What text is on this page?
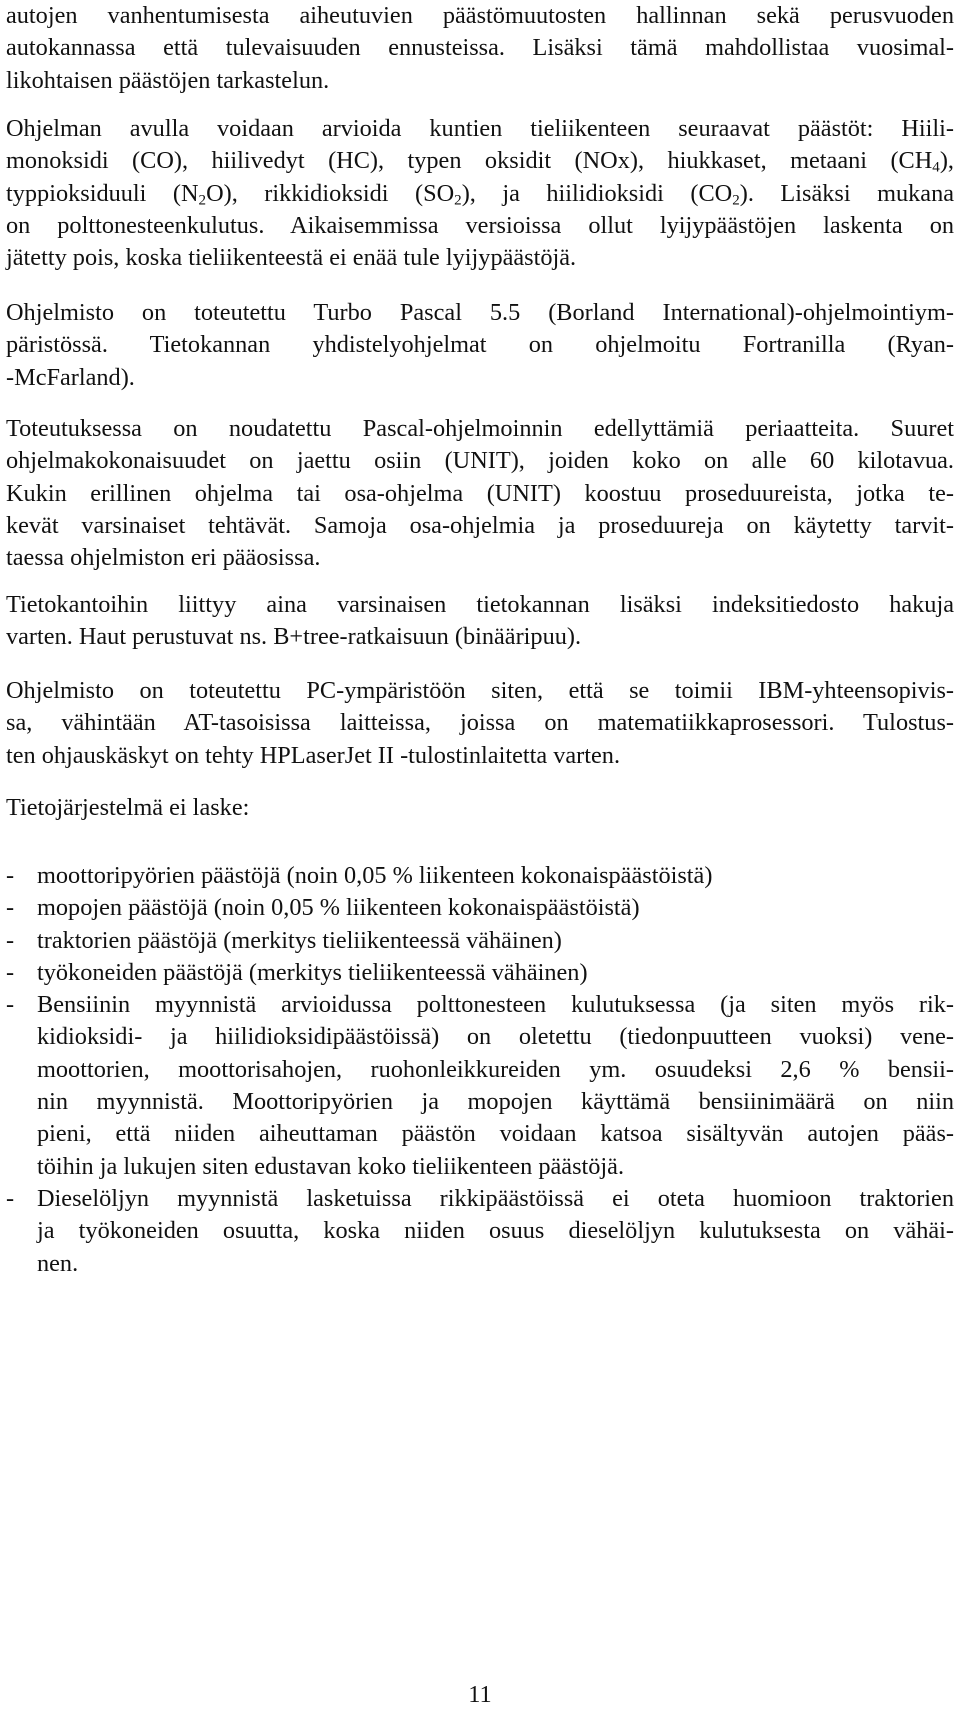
autojen vanhentumisesta aiheutuvien päästömuutosten hallinnan sekä perusvuoden
autokannassa että tulevaisuuden ennusteissa. Lisäksi tämä mahdollistaa vuosimal-
likohtaisen päästöjen tarkastelun.

Ohjelman avulla voidaan arvioida kuntien tieliikenteen seuraavat päästöt: Hiili-
monoksidi (CO), hiilivedyt (HC), typen oksidit (NOx), hiukkaset, metaani $(CH_4)$,
typpioksiduuli $(N_2O)$, rikkidioksidi $(SO_2)$, ja hiilidioksidi $(CO_2)$. Lisäksi mukana
on polttonesteenkulutus. Aikaisemmissa versioissa ollut lyijypäästöjen laskenta on
jätetty pois, koska tieliikenteestä ei enää tule lyijypäästöjä.

Ohjelmisto on toteutettu Turbo Pascal 5.5 (Borland International)-ohjelmointiym-
päristössä. Tietokannan yhdistelyohjelmat on ohjelmoitu Fortranilla (Ryan-
-McFarland).

Toteutuksessa on noudatettu Pascal-ohjelmoinnin edellyttämiä periaatteita. Suuret
ohjelmakokonaisuudet on jaettu osiin (UNIT), joiden koko on alle 60 kilotavua.
Kukin erillinen ohjelma tai osa-ohjelma (UNIT) koostuu proseduureista, jotka te-
kevät varsinaiset tehtävät. Samoja osa-ohjelmia ja proseduureja on käytetty tarvit-
taessa ohjelmiston eri pääosissa.

Tietokantoihin liittyy aina varsinaisen tietokannan lisäksi indeksitiedosto hakuja
varten. Haut perustuvat ns. B+tree-ratkaisuun (binääripuu).

Ohjelmisto on toteutettu PC-ympäristöön siten, että se toimii IBM-yhteensopivis-
sa, vähintään AT-tasoisissa laitteissa, joissa on matematiikkaprosessori. Tulostus-
ten ohjauskäskyt on tehty HPLaserJet II -tulostinlaitetta varten.

Tietojärjestelmä ei laske:

- moottoripyörien päästöjä (noin 0,05 % liikenteen kokonaispäästöistä)
- mopojen päästöjä (noin 0,05 % liikenteen kokonaispäästöistä)
- traktorien päästöjä (merkitys tieliikenteessä vähäinen)
- työkoneiden päästöjä (merkitys tieliikenteessä vähäinen)
- Bensiinin myynnistä arvioidussa polttonesteen kulutuksessa (ja siten myös rik-
kidioksidi- ja hiilidioksidipäästöissä) on oletettu (tiedonpuutteen vuoksi) vene-
moottorien, moottorisahojen, ruohonleikkureiden ym. osuudeksi 2,6 % bensii-
nin myynnistä. Moottoripyörien ja mopojen käyttämä bensiinimäärä on niin
pieni, että niiden aiheuttaman päästön voidaan katsoa sisältyvän autojen pääs-
töihin ja lukujen siten edustavan koko tieliikenteen päästöjä.
- Dieselöljyn myynnistä lasketuissa rikkipäästöissä ei oteta huomioon traktorien
ja työkoneiden osuutta, koska niiden osuus dieselöljyn kulutuksesta on vähäi-
nen.
11
